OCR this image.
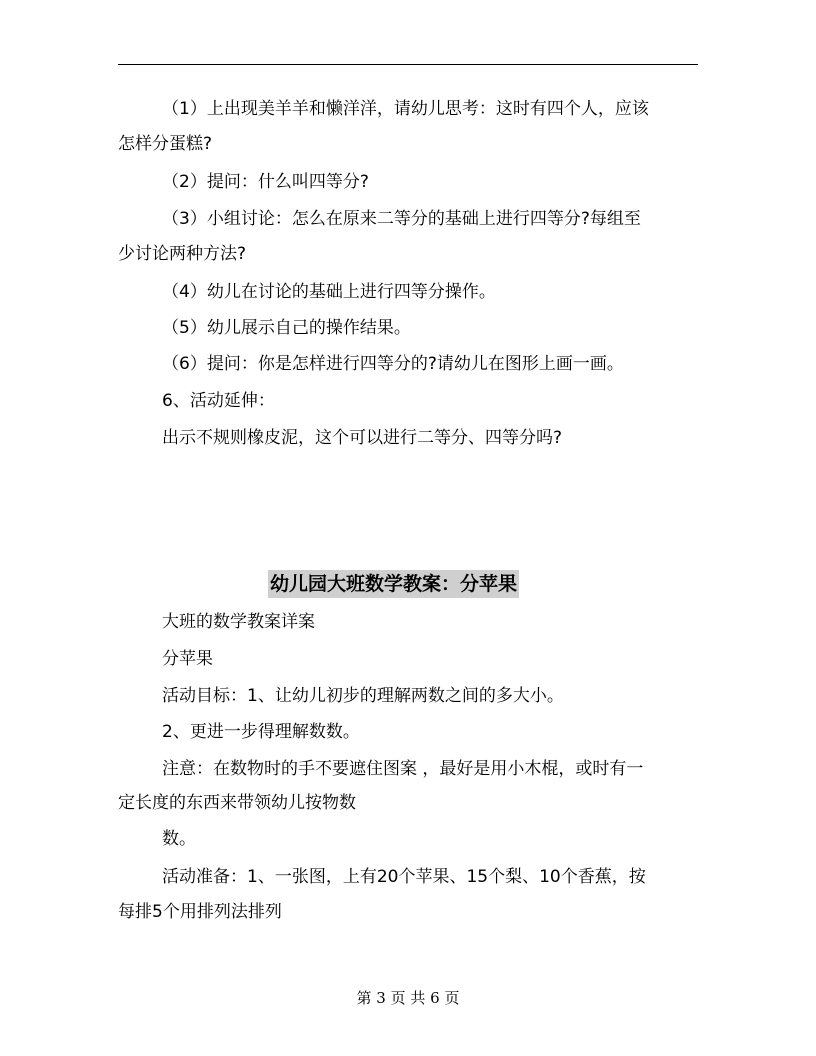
（1）上出现美羊羊和懒洋洋，请幼儿思考：这时有四个人，应该
怎样分蛋糕?
（2）提问：什么叫四等分?
（3）小组讨论：怎么在原来二等分的基础上进行四等分?每组至
少讨论两种方法?
（4）幼儿在讨论的基础上进行四等分操作。
（5）幼儿展示自己的操作结果。
（6）提问：你是怎样进行四等分的?请幼儿在图形上画一画。
6、活动延伸：
出示不规则橡皮泥，这个可以进行二等分、四等分吗?
幼儿园大班数学教案：分苹果
大班的数学教案详案
分苹果
活动目标：1、让幼儿初步的理解两数之间的多大小。
2、更进一步得理解数数。
注意：在数物时的手不要遮住图案 ，最好是用小木棍，或时有一
定长度的东西来带领幼儿按物数
数。
活动准备：1、一张图，上有20个苹果、15个梨、10个香蕉，按
每排5个用排列法排列
第 3 页 共 6 页
